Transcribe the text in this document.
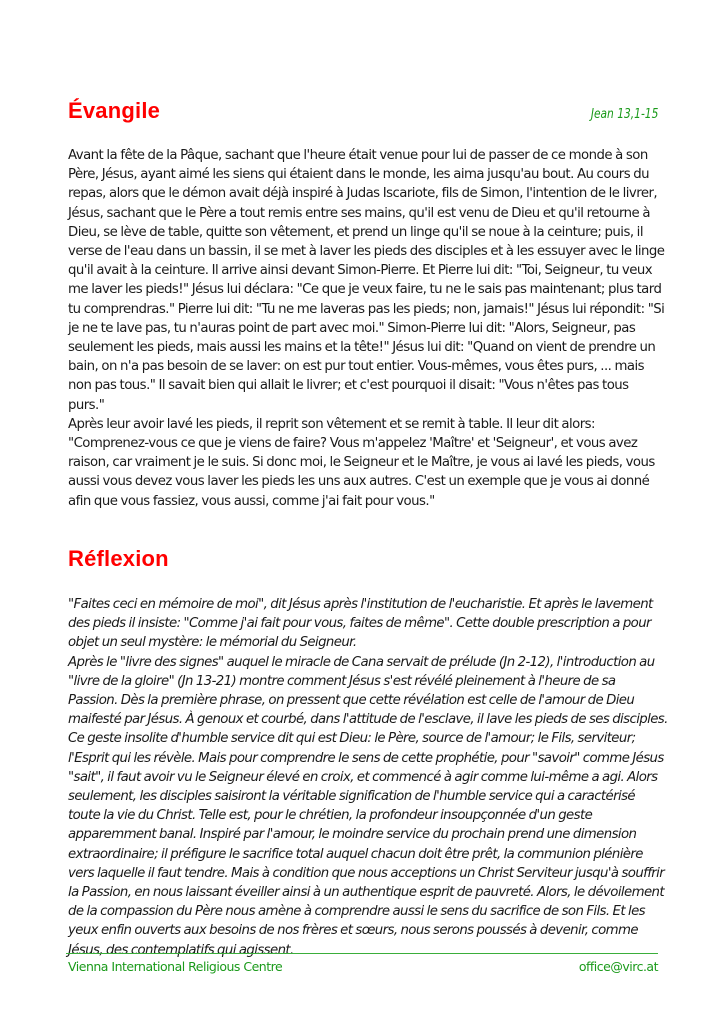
Évangile	Jean 13,1-15

Avant la fête de la Pâque, sachant que l'heure était venue pour lui de passer de ce monde à son Père, Jésus, ayant aimé les siens qui étaient dans le monde, les aima jusqu'au bout. Au cours du repas, alors que le démon avait déjà inspiré à Judas Iscariote, fils de Simon, l'intention de le livrer, Jésus, sachant que le Père a tout remis entre ses mains, qu'il est venu de Dieu et qu'il retourne à Dieu, se lève de table, quitte son vêtement, et prend un linge qu'il se noue à la ceinture; puis, il verse de l'eau dans un bassin, il se met à laver les pieds des disciples et à les essuyer avec le linge qu'il avait à la ceinture. Il arrive ainsi devant Simon-Pierre. Et Pierre lui dit: "Toi, Seigneur, tu veux me laver les pieds!" Jésus lui déclara: "Ce que je veux faire, tu ne le sais pas maintenant; plus tard tu comprendras." Pierre lui dit: "Tu ne me laveras pas les pieds; non, jamais!" Jésus lui répondit: "Si je ne te lave pas, tu n'auras point de part avec moi." Simon-Pierre lui dit: "Alors, Seigneur, pas seulement les pieds, mais aussi les mains et la tête!" Jésus lui dit: "Quand on vient de prendre un bain, on n'a pas besoin de se laver: on est pur tout entier. Vous-mêmes, vous êtes purs, ... mais non pas tous." Il savait bien qui allait le livrer; et c'est pourquoi il disait: "Vous n'êtes pas tous purs."

Après leur avoir lavé les pieds, il reprit son vêtement et se remit à table. Il leur dit alors: "Comprenez-vous ce que je viens de faire? Vous m'appelez 'Maître' et 'Seigneur', et vous avez raison, car vraiment je le suis. Si donc moi, le Seigneur et le Maître, je vous ai lavé les pieds, vous aussi vous devez vous laver les pieds les uns aux autres. C'est un exemple que je vous ai donné afin que vous fassiez, vous aussi, comme j'ai fait pour vous."

Réflexion

"Faites ceci en mémoire de moi", dit Jésus après l'institution de l'eucharistie. Et après le lavement des pieds il insiste: "Comme j'ai fait pour vous, faites de même". Cette double prescription a pour objet un seul mystère: le mémorial du Seigneur.

Après le "livre des signes" auquel le miracle de Cana servait de prélude (Jn 2-12), l'introduction au "livre de la gloire" (Jn 13-21) montre comment Jésus s'est révélé pleinement à l'heure de sa Passion. Dès la première phrase, on pressent que cette révélation est celle de l'amour de Dieu maifesté par Jésus. À genoux et courbé, dans l'attitude de l'esclave, il lave les pieds de ses disciples. Ce geste insolite d'humble service dit qui est Dieu: le Père, source de l'amour; le Fils, serviteur; l'Esprit qui les révèle. Mais pour comprendre le sens de cette prophétie, pour "savoir" comme Jésus "sait", il faut avoir vu le Seigneur élevé en croix, et commencé à agir comme lui-même a agi. Alors seulement, les disciples saisiront la véritable signification de l'humble service qui a caractérisé toute la vie du Christ. Telle est, pour le chrétien, la profondeur insoupçonnée d'un geste apparemment banal. Inspiré par l'amour, le moindre service du prochain prend une dimension extraordinaire; il préfigure le sacrifice total auquel chacun doit être prêt, la communion plénière vers laquelle il faut tendre. Mais à condition que nous acceptions un Christ Serviteur jusqu'à souffrir la Passion, en nous laissant éveiller ainsi à un authentique esprit de pauvreté. Alors, le dévoilement de la compassion du Père nous amène à comprendre aussi le sens du sacrifice de son Fils. Et les yeux enfin ouverts aux besoins de nos frères et sœurs, nous serons poussés à devenir, comme Jésus, des contemplatifs qui agissent.

Vienna International Religious Centre	office@virc.at
